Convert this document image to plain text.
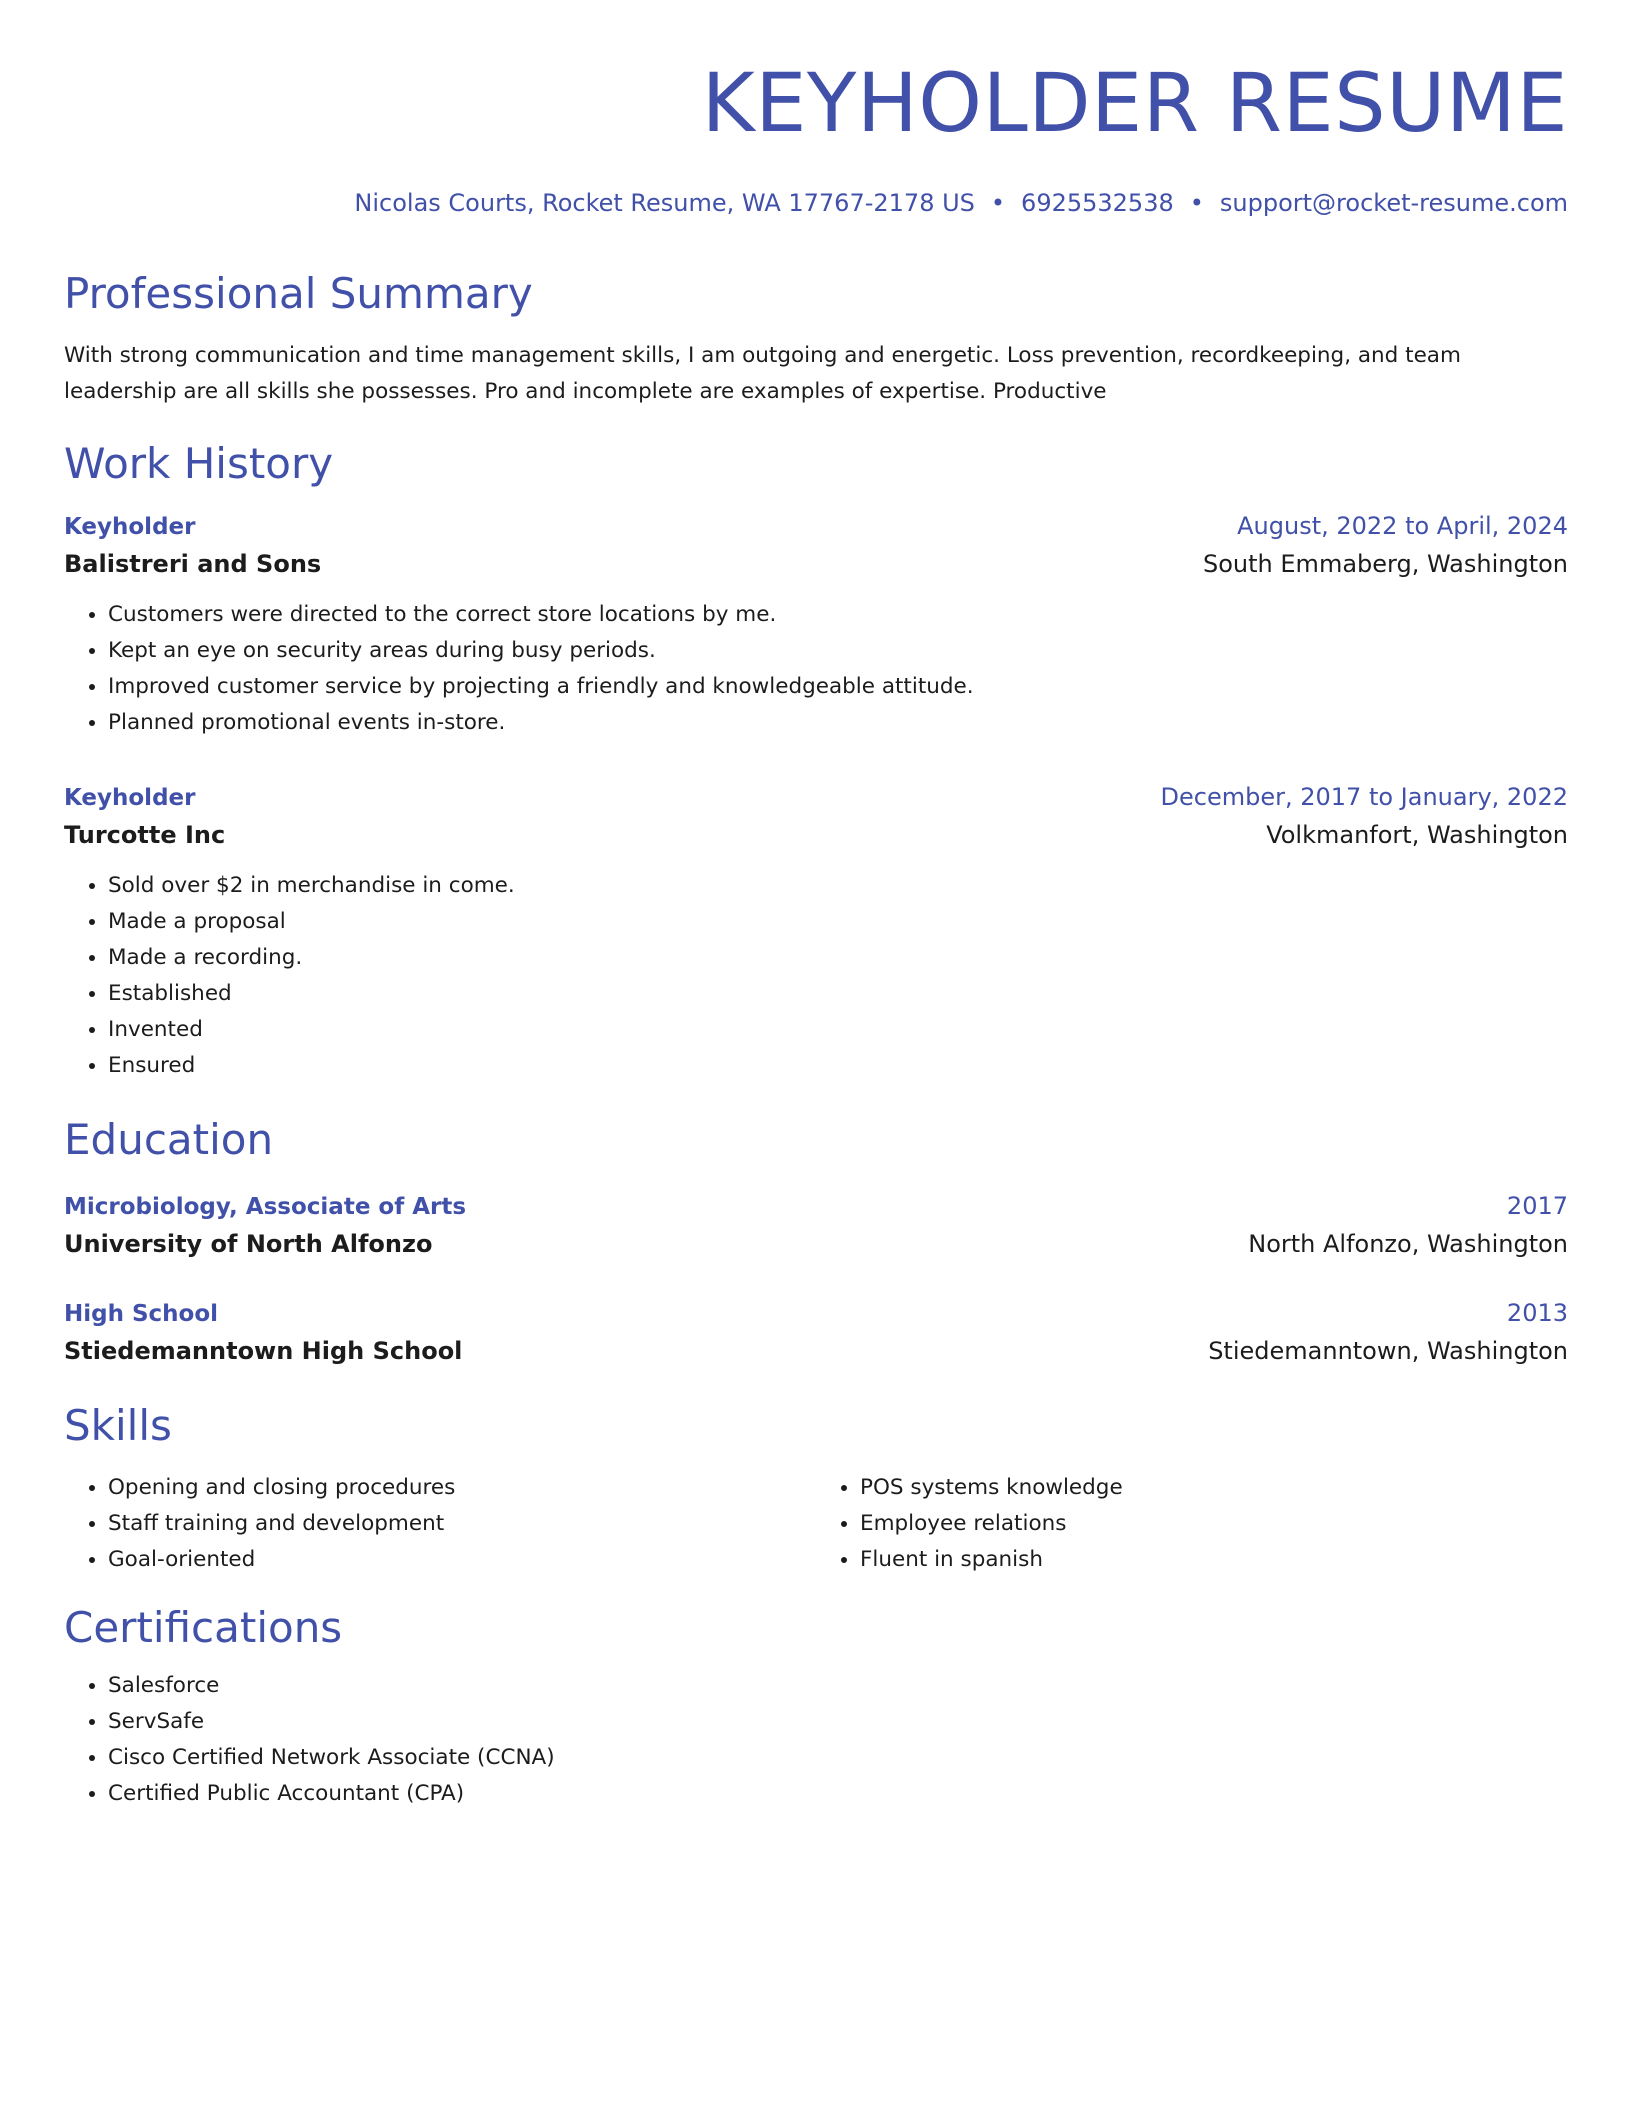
KEYHOLDER RESUME
Nicolas Courts, Rocket Resume, WA 17767-2178 US • 6925532538 • support@rocket-resume.com
Professional Summary
With strong communication and time management skills, I am outgoing and energetic. Loss prevention, recordkeeping, and team leadership are all skills she possesses. Pro and incomplete are examples of expertise. Productive
Work History
Keyholder	August, 2022 to April, 2024
Balistreri and Sons	South Emmaberg, Washington
• Customers were directed to the correct store locations by me.
• Kept an eye on security areas during busy periods.
• Improved customer service by projecting a friendly and knowledgeable attitude.
• Planned promotional events in-store.
Keyholder	December, 2017 to January, 2022
Turcotte Inc	Volkmanfort, Washington
• Sold over $2 in merchandise in come.
• Made a proposal
• Made a recording.
• Established
• Invented
• Ensured
Education
Microbiology, Associate of Arts	2017
University of North Alfonzo	North Alfonzo, Washington
High School	2013
Stiedemanntown High School	Stiedemanntown, Washington
Skills
• Opening and closing procedures
• Staff training and development
• Goal-oriented
• POS systems knowledge
• Employee relations
• Fluent in spanish
Certifications
• Salesforce
• ServSafe
• Cisco Certified Network Associate (CCNA)
• Certified Public Accountant (CPA)
